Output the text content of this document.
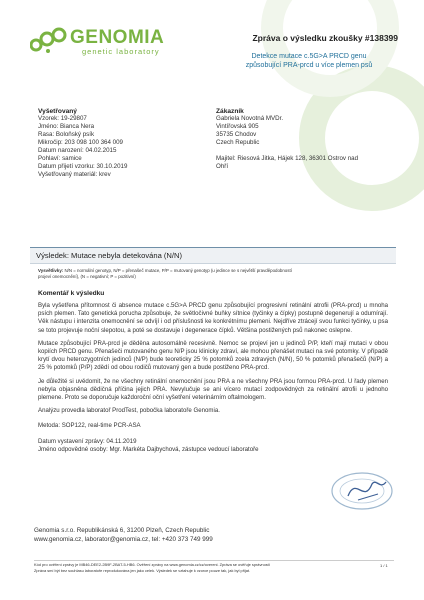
GENOMIA
genetic laboratory
Zpráva o výsledku zkoušky #138399
Detekce mutace c.5G>A PRCD genu
způsobující PRA-prcd u více plemen psů
Vyšetřovaný
Vzorek: 19-29807
Jméno: Bianca Nera
Rasa: Boloňský psík
Mikročip: 203 098 100 364 009
Datum narození: 04.02.2015
Pohlaví: samice
Datum přijetí vzorku: 30.10.2019
Vyšetřovaný materiál: krev
Zákazník
Gabriela Novotná MVDr.
Vintířovská 905
35735 Chodov
Czech Republic
Majitel: Riesová Jitka, Hájek 128, 36301 Ostrov nad
Ohří
Výsledek: Mutace nebyla detekována (N/N)
Vysvětlivky: N/N = normální genotyp, N/P = přenašeč mutace, P/P = mutovaný genotyp (u jedince se s největší pravděpodobností
projeví onemocnění), (N = negativní; P = pozitivní)
Komentář k výsledku

Byla vyšetřena přítomnost či absence mutace c.5G>A PRCD genu způsobující progresivní retinální atrofii (PRA-prcd) u mnoha psích plemen. Tato genetická porucha způsobuje, že světločivné buňky sítnice (tyčinky a čípky) postupně degenerují a odumírají. Věk nástupu i intenzita onemocnění se odvíjí i od příslušnosti ke konkrétnímu plemeni. Nejdříve ztrácejí svou funkci tyčinky, u psa se toto projevuje noční slepotou, a poté se dostavuje i degenerace čípků. Většina postižených psů nakonec oslepne.

Mutace způsobující PRA-prcd je děděna autosomálně recesivně. Nemoc se projeví jen u jedinců P/P, kteří mají mutaci v obou kopiích PRCD genu. Přenašeči mutovaného genu N/P jsou klinicky zdraví, ale mohou přenášet mutaci na své potomky. V případě krytí dvou heterozygotních jedinců (N/P) bude teoreticky 25 % potomků zcela zdravých (N/N), 50 % potomků přenašečů (N/P) a 25 % potomků (P/P) zdědí od obou rodičů mutovaný gen a bude postiženo PRA-prcd.

Je důležité si uvědomit, že ne všechny retinální onemocnění jsou PRA a ne všechny PRA jsou formou PRA-prcd. U řady plemen nebyla objasněna dědičná příčina jejich PRA. Nevylučuje se ani vícero mutací zodpovědných za retinální atrofii u jednoho plemene. Proto se doporučuje každoroční oční vyšetření veterinárním oftalmologem.

Analýzu provedla laboratoř ProdTest, pobočka laboratoře Genomia.

Metoda: SOP122, real-time PCR-ASA
Datum vystavení zprávy: 04.11.2019
Jméno odpovědné osoby: Mgr. Markéta Dajbychová, zástupce vedoucí laboratoře
Genomia s.r.o. Republikánská 6, 31200 Plzeň, Czech Republic
www.genomia.cz, laborator@genomia.cz, tel: +420 373 749 999
Kód pro ověření zprávy je MB46-DEE2-2B9F-2BAT-5-HB6. Ověření zprávy na www.genomia.cz/cz/overeni. Zpráva se ověřuje správnosti
Zpráva smí být bez souhlasu laboratoře reprodukována jen jako celek. Výsledek se vztahuje k vzorce pouze tak, jak byl přijat.
1 / 1
